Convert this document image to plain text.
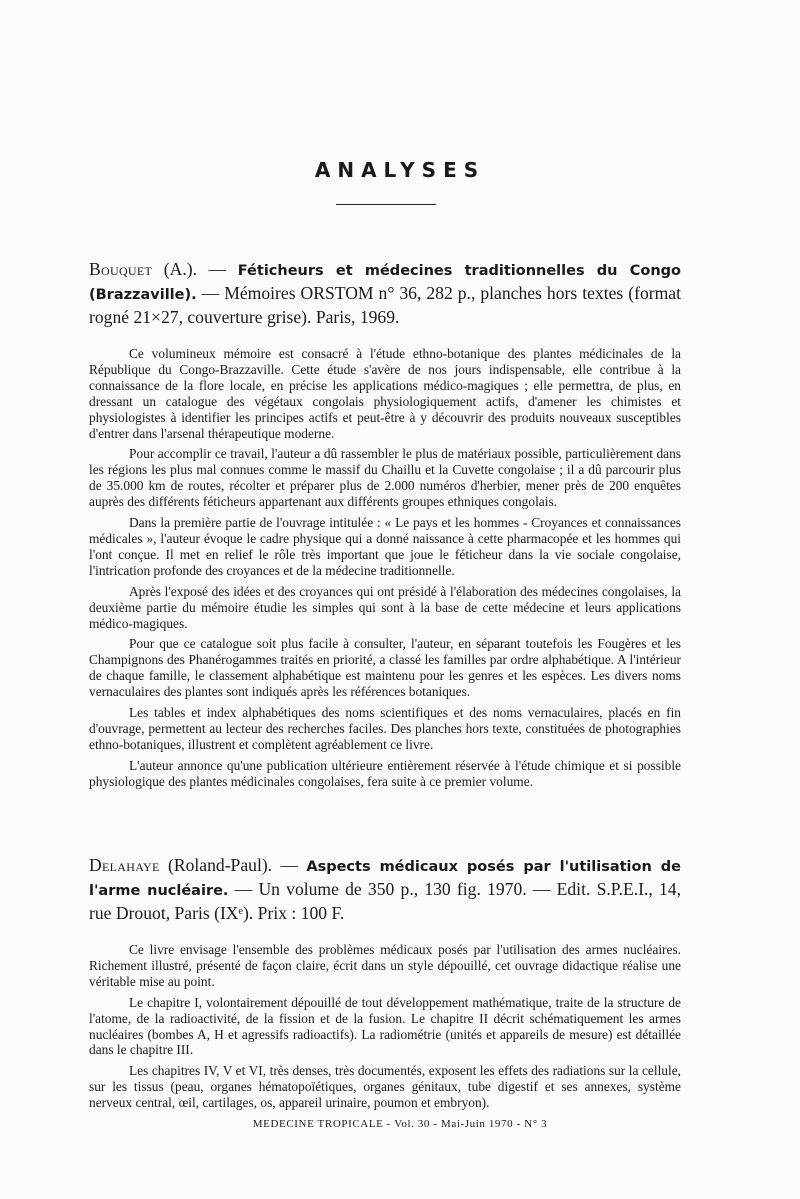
ANALYSES
Bouquet (A.). — Féticheurs et médecines traditionnelles du Congo (Brazzaville). — Mémoires ORSTOM n° 36, 282 p., planches hors textes (format rogné 21×27, couverture grise). Paris, 1969.

Ce volumineux mémoire est consacré à l'étude ethno-botanique des plantes médicinales de la République du Congo-Brazzaville. Cette étude s'avère de nos jours indispensable, elle contribue à la connaissance de la flore locale, en précise les applications médico-magiques ; elle permettra, de plus, en dressant un catalogue des végétaux congolais physiologiquement actifs, d'amener les chimistes et physiologistes à identifier les principes actifs et peut-être à y découvrir des produits nouveaux susceptibles d'entrer dans l'arsenal thérapeutique moderne.

Pour accomplir ce travail, l'auteur a dû rassembler le plus de matériaux possible, particulièrement dans les régions les plus mal connues comme le massif du Chaillu et la Cuvette congolaise ; il a dû parcourir plus de 35.000 km de routes, récolter et préparer plus de 2.000 numéros d'herbier, mener près de 200 enquêtes auprès des différents féticheurs appartenant aux différents groupes ethniques congolais.

Dans la première partie de l'ouvrage intitulée : « Le pays et les hommes - Croyances et connaissances médicales », l'auteur évoque le cadre physique qui a donné naissance à cette pharmacopée et les hommes qui l'ont conçue. Il met en relief le rôle très important que joue le féticheur dans la vie sociale congolaise, l'intrication profonde des croyances et de la médecine traditionnelle.

Après l'exposé des idées et des croyances qui ont présidé à l'élaboration des médecines congolaises, la deuxième partie du mémoire étudie les simples qui sont à la base de cette médecine et leurs applications médico-magiques.

Pour que ce catalogue soit plus facile à consulter, l'auteur, en séparant toutefois les Fougères et les Champignons des Phanérogammes traités en priorité, a classé les familles par ordre alphabétique. A l'intérieur de chaque famille, le classement alphabétique est maintenu pour les genres et les espèces. Les divers noms vernaculaires des plantes sont indiqués après les références botaniques.

Les tables et index alphabétiques des noms scientifiques et des noms vernaculaires, placés en fin d'ouvrage, permettent au lecteur des recherches faciles. Des planches hors texte, constituées de photographies ethno-botaniques, illustrent et complètent agréablement ce livre.

L'auteur annonce qu'une publication ultérieure entièrement réservée à l'étude chimique et si possible physiologique des plantes médicinales congolaises, fera suite à ce premier volume.

Delahaye (Roland-Paul). — Aspects médicaux posés par l'utilisation de l'arme nucléaire. — Un volume de 350 p., 130 fig. 1970. — Edit. S.P.E.I., 14, rue Drouot, Paris (IXᵉ). Prix : 100 F.

Ce livre envisage l'ensemble des problèmes médicaux posés par l'utilisation des armes nucléaires. Richement illustré, présenté de façon claire, écrit dans un style dépouillé, cet ouvrage didactique réalise une véritable mise au point.

Le chapitre I, volontairement dépouillé de tout développement mathématique, traite de la structure de l'atome, de la radioactivité, de la fission et de la fusion. Le chapitre II décrit schématiquement les armes nucléaires (bombes A, H et agressifs radioactifs). La radiométrie (unités et appareils de mesure) est détaillée dans le chapitre III.

Les chapitres IV, V et VI, très denses, très documentés, exposent les effets des radiations sur la cellule, sur les tissus (peau, organes hématopoïétiques, organes génitaux, tube digestif et ses annexes, système nerveux central, œil, cartilages, os, appareil urinaire, poumon et embryon).

MEDECINE TROPICALE - Vol. 30 - Mai-Juin 1970 - N° 3
